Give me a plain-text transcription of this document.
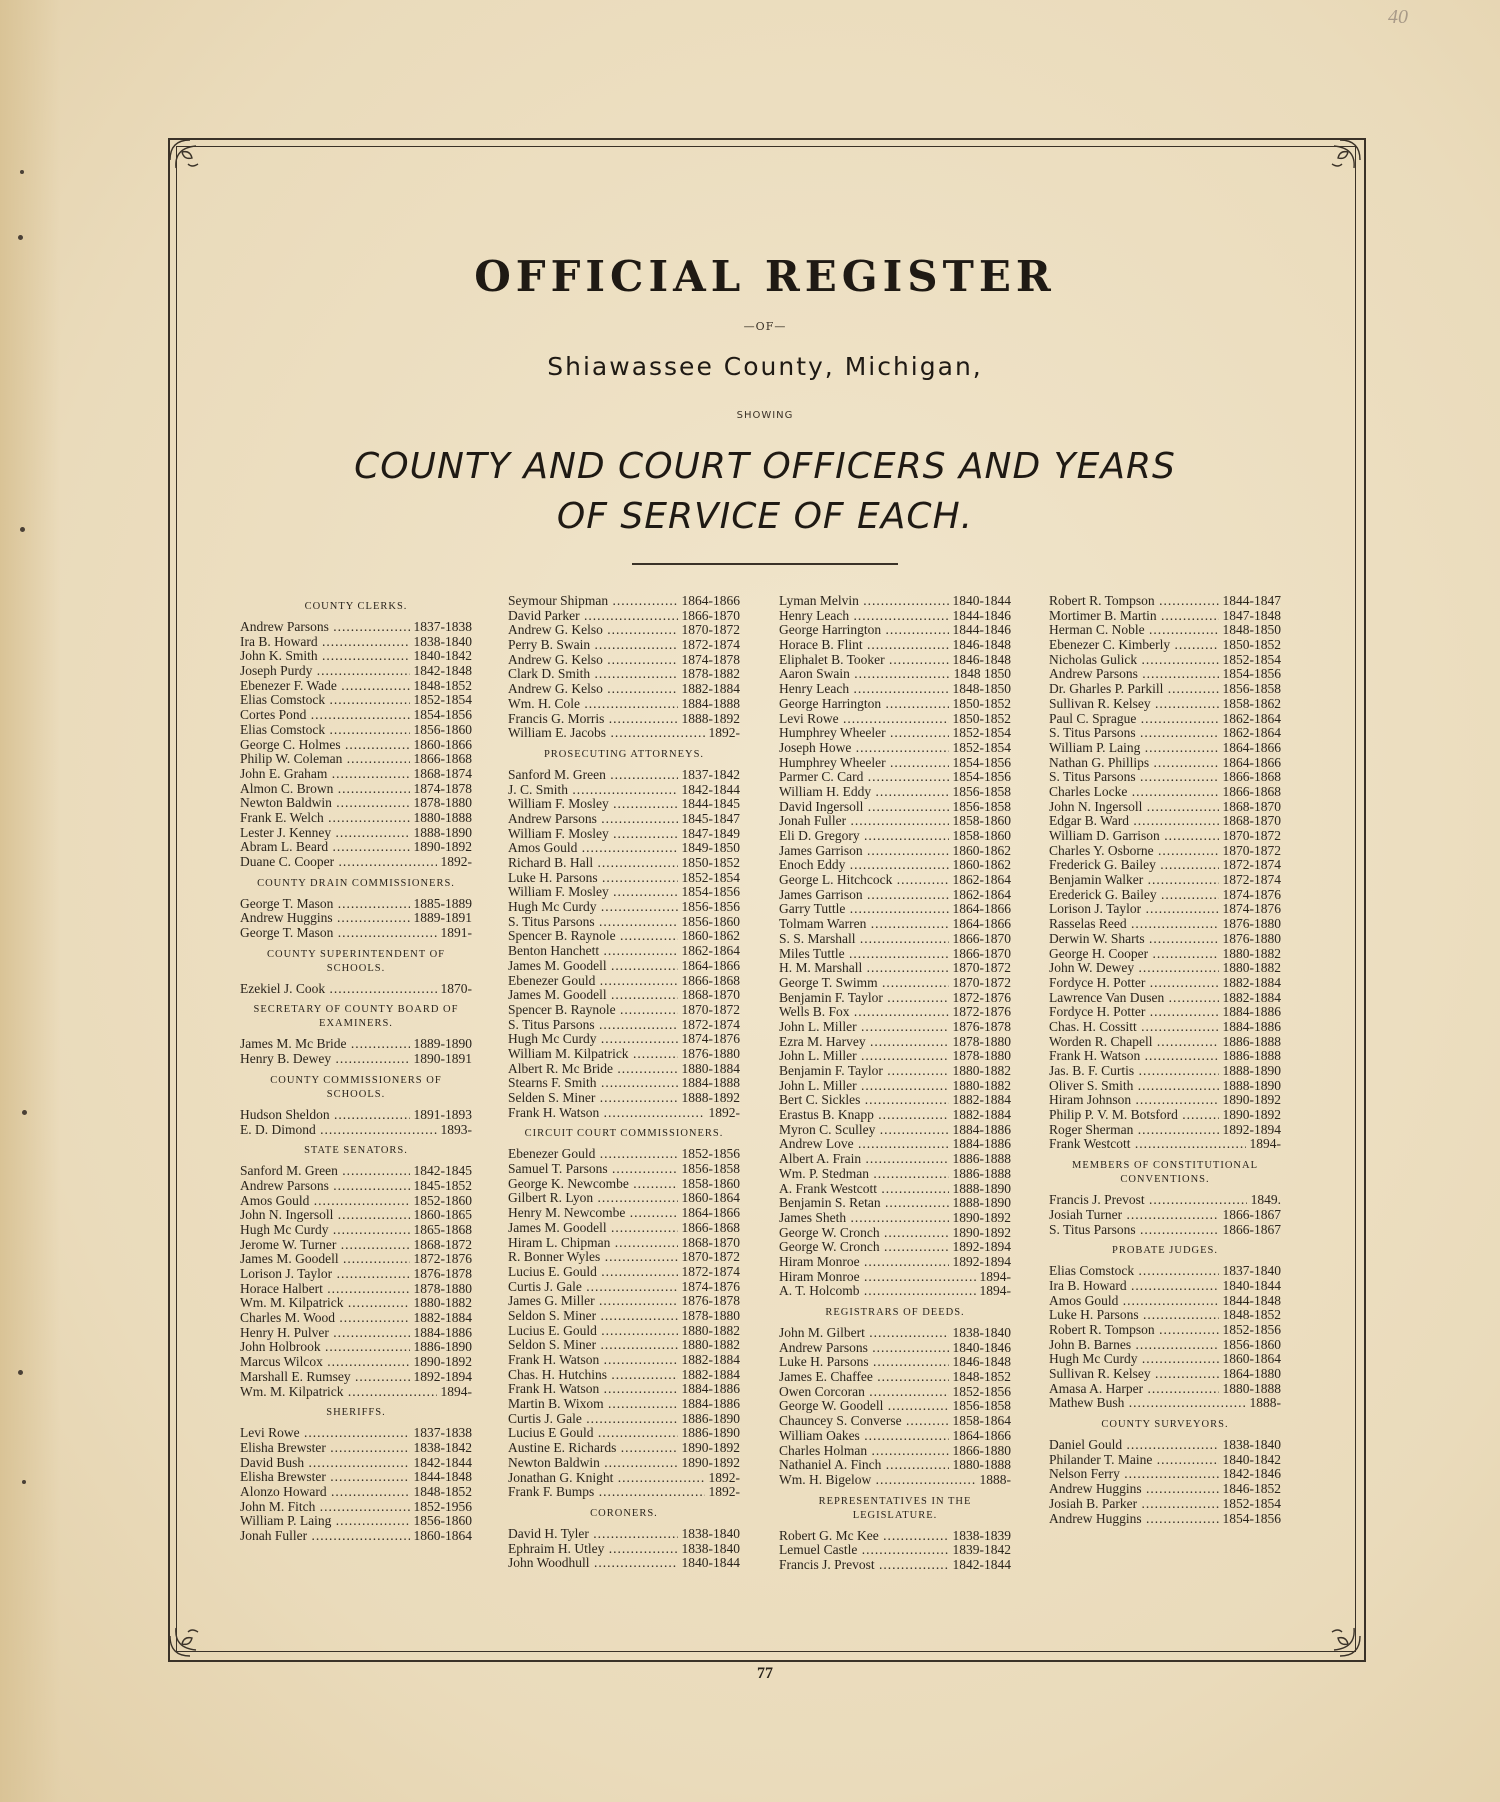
40
OFFICIAL REGISTER
—OF—
Shiawassee County, Michigan,
SHOWING
COUNTY AND COURT OFFICERS AND YEARS
OF SERVICE OF EACH.
COUNTY CLERKS.
Andrew Parsons .....	1837-1838
Ira B. Howard .....	1838-1840
John K. Smith .....	1840-1842
Joseph Purdy .....	1842-1848
Ebenezer F. Wade .....	1848-1852
Elias Comstock .....	1852-1854
Cortes Pond .....	1854-1856
Elias Comstock .....	1856-1860
George C. Holmes .....	1860-1866
Philip W. Coleman .....	1866-1868
John E. Graham .....	1868-1874
Almon C. Brown .....	1874-1878
Newton Baldwin .....	1878-1880
Frank E. Welch .....	1880-1888
Lester J. Kenney .....	1888-1890
Abram L. Beard .....	1890-1892
Duane C. Cooper .....	1892-
COUNTY DRAIN COMMISSIONERS.
George T. Mason .....	1885-1889
Andrew Huggins .....	1889-1891
George T. Mason .....	1891-
COUNTY SUPERINTENDENT OF SCHOOLS.
Ezekiel J. Cook .....	1870-
SECRETARY OF COUNTY BOARD OF EXAMINERS.
James M. Mc Bride .....	1889-1890
Henry B. Dewey .....	1890-1891
COUNTY COMMISSIONERS OF SCHOOLS.
Hudson Sheldon .....	1891-1893
E. D. Dimond .....	1893-
STATE SENATORS.
Sanford M. Green .....	1842-1845
Andrew Parsons .....	1845-1852
Amos Gould .....	1852-1860
John N. Ingersoll .....	1860-1865
Hugh Mc Curdy .....	1865-1868
Jerome W. Turner .....	1868-1872
James M. Goodell .....	1872-1876
Lorison J. Taylor .....	1876-1878
Horace Halbert .....	1878-1880
Wm. M. Kilpatrick .....	1880-1882
Charles M. Wood .....	1882-1884
Henry H. Pulver .....	1884-1886
John Holbrook .....	1886-1890
Marcus Wilcox .....	1890-1892
Marshall E. Rumsey .....	1892-1894
Wm. M. Kilpatrick .....	1894-
SHERIFFS.
Levi Rowe .....	1837-1838
Elisha Brewster .....	1838-1842
David Bush .....	1842-1844
Elisha Brewster .....	1844-1848
Alonzo Howard .....	1848-1852
John M. Fitch .....	1852-1956
William P. Laing .....	1856-1860
Jonah Fuller .....	1860-1864
Seymour Shipman .....	1864-1866
David Parker .....	1866-1870
Andrew G. Kelso .....	1870-1872
Perry B. Swain .....	1872-1874
Andrew G. Kelso .....	1874-1878
Clark D. Smith .....	1878-1882
Andrew G. Kelso .....	1882-1884
Wm. H. Cole .....	1884-1888
Francis G. Morris .....	1888-1892
William E. Jacobs .....	1892-
PROSECUTING ATTORNEYS.
Sanford M. Green .....	1837-1842
J. C. Smith .....	1842-1844
William F. Mosley .....	1844-1845
Andrew Parsons .....	1845-1847
William F. Mosley .....	1847-1849
Amos Gould .....	1849-1850
Richard B. Hall .....	1850-1852
Luke H. Parsons .....	1852-1854
William F. Mosley .....	1854-1856
Hugh Mc Curdy .....	1856-1856
S. Titus Parsons .....	1856-1860
Spencer B. Raynole .....	1860-1862
Benton Hanchett .....	1862-1864
James M. Goodell .....	1864-1866
Ebenezer Gould .....	1866-1868
James M. Goodell .....	1868-1870
Spencer B. Raynole .....	1870-1872
S. Titus Parsons .....	1872-1874
Hugh Mc Curdy .....	1874-1876
William M. Kilpatrick .....	1876-1880
Albert R. Mc Bride .....	1880-1884
Stearns F. Smith .....	1884-1888
Selden S. Miner .....	1888-1892
Frank H. Watson .....	1892-
CIRCUIT COURT COMMISSIONERS.
Ebenezer Gould .....	1852-1856
Samuel T. Parsons .....	1856-1858
George K. Newcombe .....	1858-1860
Gilbert R. Lyon .....	1860-1864
Henry M. Newcombe .....	1864-1866
James M. Goodell .....	1866-1868
Hiram L. Chipman .....	1868-1870
R. Bonner Wyles .....	1870-1872
Lucius E. Gould .....	1872-1874
Curtis J. Gale .....	1874-1876
James G. Miller .....	1876-1878
Seldon S. Miner .....	1878-1880
Lucius E. Gould .....	1880-1882
Seldon S. Miner .....	1880-1882
Frank H. Watson .....	1882-1884
Chas. H. Hutchins .....	1882-1884
Frank H. Watson .....	1884-1886
Martin B. Wixom .....	1884-1886
Curtis J. Gale .....	1886-1890
Lucius E Gould .....	1886-1890
Austine E. Richards .....	1890-1892
Newton Baldwin .....	1890-1892
Jonathan G. Knight .....	1892-
Frank F. Bumps .....	1892-
CORONERS.
David H. Tyler .....	1838-1840
Ephraim H. Utley .....	1838-1840
John Woodhull .....	1840-1844
Lyman Melvin .....	1840-1844
Henry Leach .....	1844-1846
George Harrington .....	1844-1846
Horace B. Flint .....	1846-1848
Eliphalet B. Tooker .....	1846-1848
Aaron Swain .....	1848 1850
Henry Leach .....	1848-1850
George Harrington .....	1850-1852
Levi Rowe .....	1850-1852
Humphrey Wheeler .....	1852-1854
Joseph Howe .....	1852-1854
Humphrey Wheeler .....	1854-1856
Parmer C. Card .....	1854-1856
William H. Eddy .....	1856-1858
David Ingersoll .....	1856-1858
Jonah Fuller .....	1858-1860
Eli D. Gregory .....	1858-1860
James Garrison .....	1860-1862
Enoch Eddy .....	1860-1862
George L. Hitchcock .....	1862-1864
James Garrison .....	1862-1864
Garry Tuttle .....	1864-1866
Tolmam Warren .....	1864-1866
S. S. Marshall .....	1866-1870
Miles Tuttle .....	1866-1870
H. M. Marshall .....	1870-1872
George T. Swimm .....	1870-1872
Benjamin F. Taylor .....	1872-1876
Wells B. Fox .....	1872-1876
John L. Miller .....	1876-1878
Ezra M. Harvey .....	1878-1880
John L. Miller .....	1878-1880
Benjamin F. Taylor .....	1880-1882
John L. Miller .....	1880-1882
Bert C. Sickles .....	1882-1884
Erastus B. Knapp .....	1882-1884
Myron C. Sculley .....	1884-1886
Andrew Love .....	1884-1886
Albert A. Frain .....	1886-1888
Wm. P. Stedman .....	1886-1888
A. Frank Westcott .....	1888-1890
Benjamin S. Retan .....	1888-1890
James Sheth .....	1890-1892
George W. Cronch .....	1890-1892
George W. Cronch .....	1892-1894
Hiram Monroe .....	1892-1894
Hiram Monroe .....	1894-
A. T. Holcomb .....	1894-
REGISTRARS OF DEEDS.
John M. Gilbert .....	1838-1840
Andrew Parsons .....	1840-1846
Luke H. Parsons .....	1846-1848
James E. Chaffee .....	1848-1852
Owen Corcoran .....	1852-1856
George W. Goodell .....	1856-1858
Chauncey S. Converse .....	1858-1864
William Oakes .....	1864-1866
Charles Holman .....	1866-1880
Nathaniel A. Finch .....	1880-1888
Wm. H. Bigelow .....	1888-
REPRESENTATIVES IN THE LEGISLATURE.
Robert G. Mc Kee .....	1838-1839
Lemuel Castle .....	1839-1842
Francis J. Prevost .....	1842-1844
Robert R. Tompson .....	1844-1847
Mortimer B. Martin .....	1847-1848
Herman C. Noble .....	1848-1850
Ebenezer C. Kimberly .....	1850-1852
Nicholas Gulick .....	1852-1854
Andrew Parsons .....	1854-1856
Dr. Gharles P. Parkill .....	1856-1858
Sullivan R. Kelsey .....	1858-1862
Paul C. Sprague .....	1862-1864
S. Titus Parsons .....	1862-1864
William P. Laing .....	1864-1866
Nathan G. Phillips .....	1864-1866
S. Titus Parsons .....	1866-1868
Charles Locke .....	1866-1868
John N. Ingersoll .....	1868-1870
Edgar B. Ward .....	1868-1870
William D. Garrison .....	1870-1872
Charles Y. Osborne .....	1870-1872
Frederick G. Bailey .....	1872-1874
Benjamin Walker .....	1872-1874
Erederick G. Bailey .....	1874-1876
Lorison J. Taylor .....	1874-1876
Rasselas Reed .....	1876-1880
Derwin W. Sharts .....	1876-1880
George H. Cooper .....	1880-1882
John W. Dewey .....	1880-1882
Fordyce H. Potter .....	1882-1884
Lawrence Van Dusen .....	1882-1884
Fordyce H. Potter .....	1884-1886
Chas. H. Cossitt .....	1884-1886
Worden R. Chapell .....	1886-1888
Frank H. Watson .....	1886-1888
Jas. B. F. Curtis .....	1888-1890
Oliver S. Smith .....	1888-1890
Hiram Johnson .....	1890-1892
Philip P. V. M. Botsford .....	1890-1892
Roger Sherman .....	1892-1894
Frank Westcott .....	1894-
MEMBERS OF CONSTITUTIONAL CONVENTIONS.
Francis J. Prevost .....	1849.
Josiah Turner .....	1866-1867
S. Titus Parsons .....	1866-1867
PROBATE JUDGES.
Elias Comstock .....	1837-1840
Ira B. Howard .....	1840-1844
Amos Gould .....	1844-1848
Luke H. Parsons .....	1848-1852
Robert R. Tompson .....	1852-1856
John B. Barnes .....	1856-1860
Hugh Mc Curdy .....	1860-1864
Sullivan R. Kelsey .....	1864-1880
Amasa A. Harper .....	1880-1888
Mathew Bush .....	1888-
COUNTY SURVEYORS.
Daniel Gould .....	1838-1840
Philander T. Maine .....	1840-1842
Nelson Ferry .....	1842-1846
Andrew Huggins .....	1846-1852
Josiah B. Parker .....	1852-1854
Andrew Huggins .....	1854-1856
77
